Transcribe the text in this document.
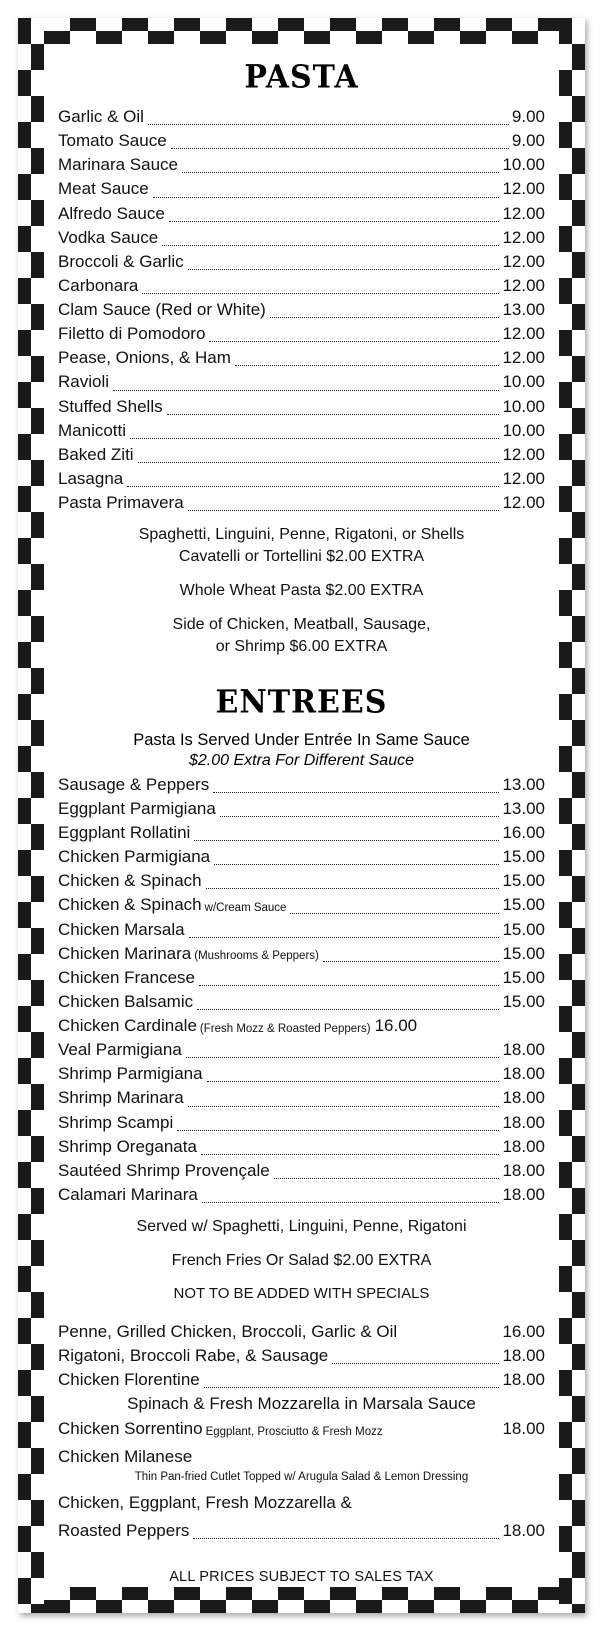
PASTA
Garlic & Oil	9.00
Tomato Sauce	9.00
Marinara Sauce	10.00
Meat Sauce	12.00
Alfredo Sauce	12.00
Vodka Sauce	12.00
Broccoli & Garlic	12.00
Carbonara	12.00
Clam Sauce (Red or White)	13.00
Filetto di Pomodoro	12.00
Pease, Onions, & Ham	12.00
Ravioli	10.00
Stuffed Shells	10.00
Manicotti	10.00
Baked Ziti	12.00
Lasagna	12.00
Pasta Primavera	12.00
Spaghetti, Linguini, Penne, Rigatoni, or Shells
Cavatelli or Tortellini $2.00 EXTRA
Whole Wheat Pasta $2.00 EXTRA
Side of Chicken, Meatball, Sausage,
or Shrimp $6.00 EXTRA
ENTREES
Pasta Is Served Under Entrée In Same Sauce
$2.00 Extra For Different Sauce
Sausage & Peppers	13.00
Eggplant Parmigiana	13.00
Eggplant Rollatini	16.00
Chicken Parmigiana	15.00
Chicken & Spinach	15.00
Chicken & Spinach w/Cream Sauce	15.00
Chicken Marsala	15.00
Chicken Marinara (Mushrooms & Peppers)	15.00
Chicken Francese	15.00
Chicken Balsamic	15.00
Chicken Cardinale (Fresh Mozz & Roasted Peppers) 16.00
Veal Parmigiana	18.00
Shrimp Parmigiana	18.00
Shrimp Marinara	18.00
Shrimp Scampi	18.00
Shrimp Oreganata	18.00
Sautéed Shrimp Provençale	18.00
Calamari Marinara	18.00
Served w/ Spaghetti, Linguini, Penne, Rigatoni
French Fries Or Salad $2.00 EXTRA
NOT TO BE ADDED WITH SPECIALS
Penne, Grilled Chicken, Broccoli, Garlic & Oil	16.00
Rigatoni, Broccoli Rabe, & Sausage	18.00
Chicken Florentine	18.00
Spinach & Fresh Mozzarella in Marsala Sauce
Chicken Sorrentino Eggplant, Prosciutto & Fresh Mozz	18.00
Chicken Milanese
Thin Pan-fried Cutlet Topped w/ Arugula Salad & Lemon Dressing
Chicken, Eggplant, Fresh Mozzarella &
Roasted Peppers	18.00
ALL PRICES SUBJECT TO SALES TAX
